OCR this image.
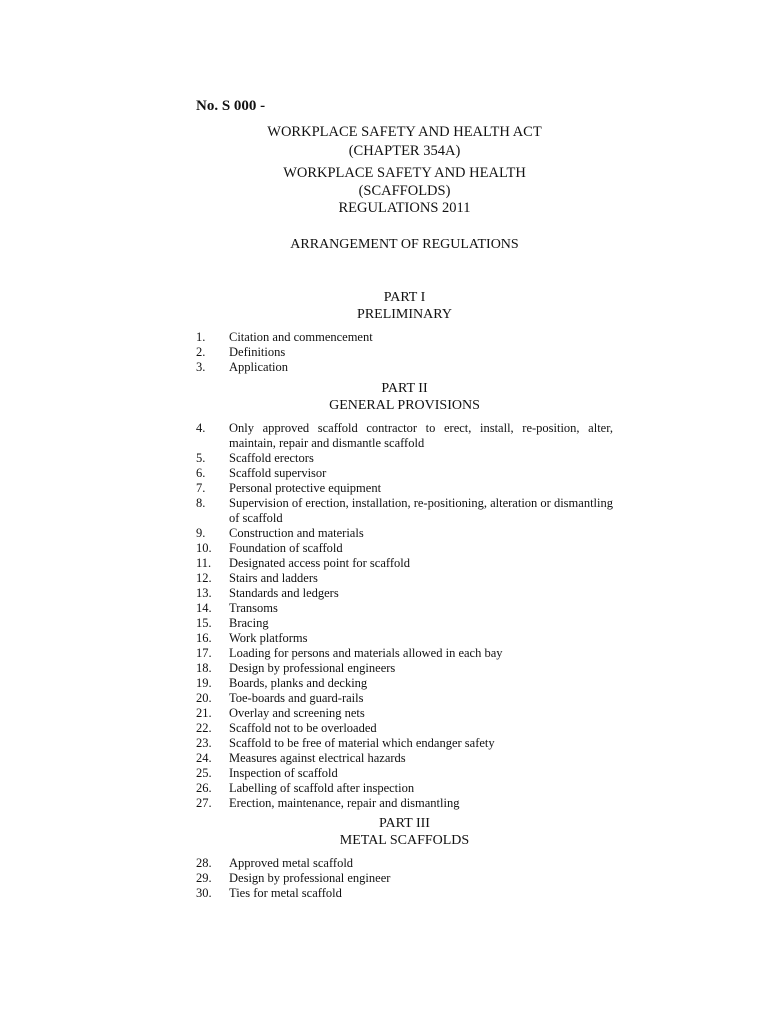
No. S 000 -
WORKPLACE SAFETY AND HEALTH ACT
(CHAPTER 354A)
WORKPLACE SAFETY AND HEALTH
(SCAFFOLDS)
REGULATIONS 2011
ARRANGEMENT OF REGULATIONS
PART I
PRELIMINARY
1.	Citation and commencement
2.	Definitions
3.	Application
PART II
GENERAL PROVISIONS
4.	Only approved scaffold contractor to erect, install, re-position, alter, maintain, repair and dismantle scaffold
5.	Scaffold erectors
6.	Scaffold supervisor
7.	Personal protective equipment
8.	Supervision of erection, installation, re-positioning, alteration or dismantling of scaffold
9.	Construction and materials
10.	Foundation of scaffold
11.	Designated access point for scaffold
12.	Stairs and ladders
13.	Standards and ledgers
14.	Transoms
15.	Bracing
16.	Work platforms
17.	Loading for persons and materials allowed in each bay
18.	Design by professional engineers
19.	Boards, planks and decking
20.	Toe-boards and guard-rails
21.	Overlay and screening nets
22.	Scaffold not to be overloaded
23.	Scaffold to be free of material which endanger safety
24.	Measures against electrical hazards
25.	Inspection of scaffold
26.	Labelling of scaffold after inspection
27.	Erection, maintenance, repair and dismantling
PART III
METAL SCAFFOLDS
28.	Approved metal scaffold
29.	Design by professional engineer
30.	Ties for metal scaffold
